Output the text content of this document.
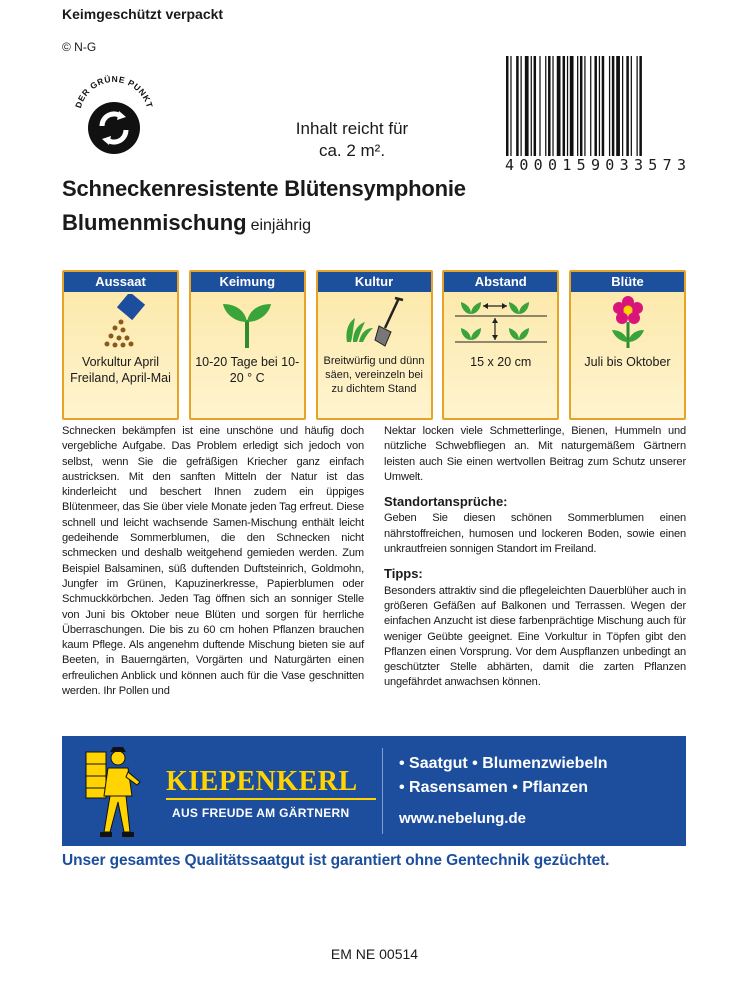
Keimgeschützt verpackt
© N-G
DER GRÜNE PUNKT
Inhalt reicht für
ca. 2 m².
4 0 0 0 1 5 9 0 3 3 5 7 3
Schneckenresistente Blütensymphonie
Blumenmischung einjährig
Aussaat
Vorkultur April Freiland, April-Mai
Keimung
10-20 Tage bei 10-20 ° C
Kultur
Breitwürfig und dünn säen, vereinzeln bei zu dichtem Stand
Abstand
15 x 20 cm
Blüte
Juli bis Oktober
Schnecken bekämpfen ist eine unschöne und häufig doch vergebliche Aufgabe. Das Problem erledigt sich jedoch von selbst, wenn Sie die gefräßigen Kriecher ganz einfach austricksen. Mit den sanften Mitteln der Natur ist das kinderleicht und beschert Ihnen zudem ein üppiges Blütenmeer, das Sie über viele Monate jeden Tag erfreut. Diese schnell und leicht wachsende Samen-Mischung enthält leicht gedeihende Sommerblumen, die den Schnecken nicht schmecken und deshalb weitgehend gemieden werden. Zum Beispiel Balsaminen, süß duftenden Duftsteinrich, Goldmohn, Jungfer im Grünen, Kapuzinerkresse, Papierblumen oder Schmuckkörbchen. Jeden Tag öffnen sich an sonniger Stelle von Juni bis Oktober neue Blüten und sorgen für herrliche Überraschungen. Die bis zu 60 cm hohen Pflanzen brauchen kaum Pflege. Als angenehm duftende Mischung bieten sie auf Beeten, in Bauerngärten, Vorgärten und Naturgärten einen erfreulichen Anblick und können auch für die Vase geschnitten werden. Ihr Pollen und
Nektar locken viele Schmetterlinge, Bienen, Hummeln und nützliche Schwebfliegen an. Mit naturgemäßem Gärtnern leisten auch Sie einen wertvollen Beitrag zum Schutz unserer Umwelt.
Standortansprüche:
Geben Sie diesen schönen Sommerblumen einen nährstoffreichen, humosen und lockeren Boden, sowie einen unkrautfreien sonnigen Standort im Freiland.
Tipps:
Besonders attraktiv sind die pflegeleichten Dauerblüher auch in größeren Gefäßen auf Balkonen und Terrassen. Wegen der einfachen Anzucht ist diese farbenprächtige Mischung auch für weniger Geübte geeignet. Eine Vorkultur in Töpfen gibt den Pflanzen einen Vorsprung. Vor dem Auspflanzen unbedingt an geschützter Stelle abhärten, damit die zarten Pflanzen ungefährdet anwachsen können.
KIEPENKERL
AUS FREUDE AM GÄRTNERN
• Saatgut • Blumenzwiebeln
• Rasensamen • Pflanzen
www.nebelung.de
Unser gesamtes Qualitätssaatgut ist garantiert ohne Gentechnik gezüchtet.
EM NE 00514
